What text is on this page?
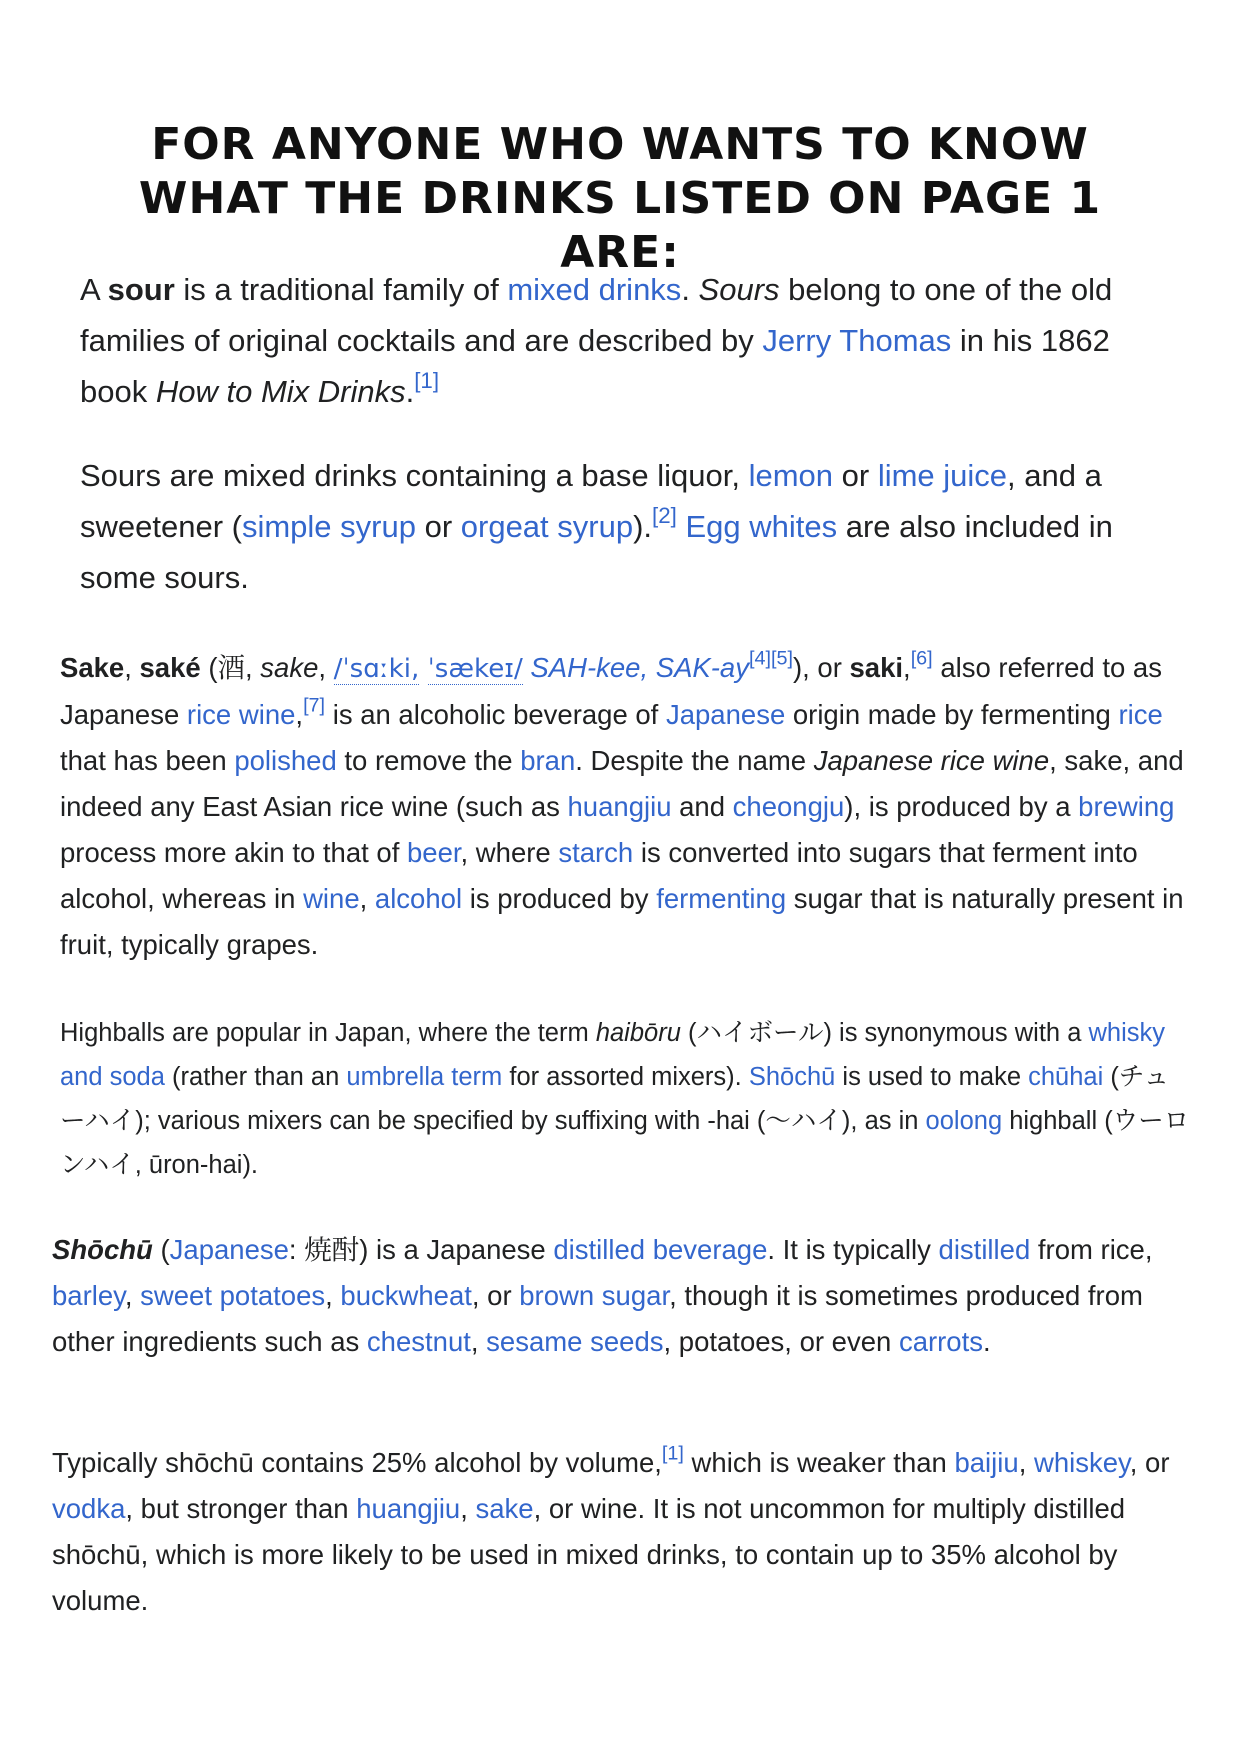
FOR ANYONE WHO WANTS TO KNOW WHAT THE DRINKS LISTED ON PAGE 1 ARE:

A sour is a traditional family of mixed drinks. Sours belong to one of the old families of original cocktails and are described by Jerry Thomas in his 1862 book How to Mix Drinks.[1]

Sours are mixed drinks containing a base liquor, lemon or lime juice, and a sweetener (simple syrup or orgeat syrup).[2] Egg whites are also included in some sours.

Sake, saké (酒, sake, /ˈsɑːki, ˈsækeɪ/ SAH-kee, SAK-ay[4][5]), or saki,[6] also referred to as Japanese rice wine,[7] is an alcoholic beverage of Japanese origin made by fermenting rice that has been polished to remove the bran. Despite the name Japanese rice wine, sake, and indeed any East Asian rice wine (such as huangjiu and cheongju), is produced by a brewing process more akin to that of beer, where starch is converted into sugars that ferment into alcohol, whereas in wine, alcohol is produced by fermenting sugar that is naturally present in fruit, typically grapes.

Highballs are popular in Japan, where the term haibōru (ハイボール) is synonymous with a whisky and soda (rather than an umbrella term for assorted mixers). Shōchū is used to make chūhai (チューハイ); various mixers can be specified by suffixing with -hai (〜ハイ), as in oolong highball (ウーロンハイ, ūron-hai).

Shōchū (Japanese: 焼酎) is a Japanese distilled beverage. It is typically distilled from rice, barley, sweet potatoes, buckwheat, or brown sugar, though it is sometimes produced from other ingredients such as chestnut, sesame seeds, potatoes, or even carrots.

Typically shōchū contains 25% alcohol by volume,[1] which is weaker than baijiu, whiskey, or vodka, but stronger than huangjiu, sake, or wine. It is not uncommon for multiply distilled shōchū, which is more likely to be used in mixed drinks, to contain up to 35% alcohol by volume.
